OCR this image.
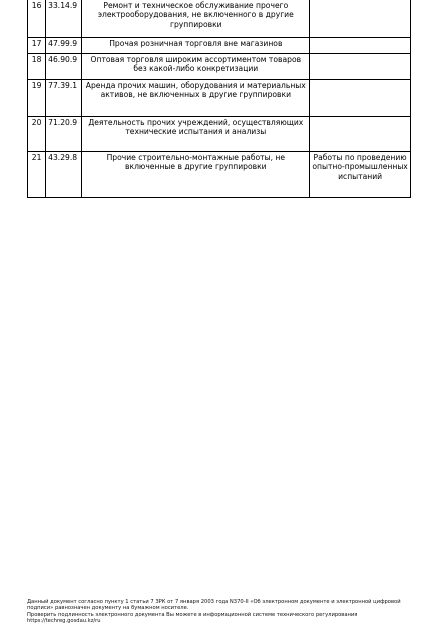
16	33.14.9	Ремонт и техническое обслуживание прочего электрооборудования, не включенного в другие группировки	
17	47.99.9	Прочая розничная торговля вне магазинов	
18	46.90.9	Оптовая торговля широким ассортиментом товаров без какой-либо конкретизации	
19	77.39.1	Аренда прочих машин, оборудования и материальных активов, не включенных в другие группировки	
20	71.20.9	Деятельность прочих учреждений, осуществляющих технические испытания и анализы	
21	43.29.8	Прочие строительно-монтажные работы, не включенные в другие группировки	Работы по проведению опытно-промышленных испытаний

Данный документ согласно пункту 1 статьи 7 ЗРК от 7 января 2003 года N370-II «Об электронном документе и электронной цифровой подписи» равнозначен документу на бумажном носителе.

Проверить подлинность электронного документа Вы можете в информационной системе технического регулирования https://techreg.gosdau.kz/ru
